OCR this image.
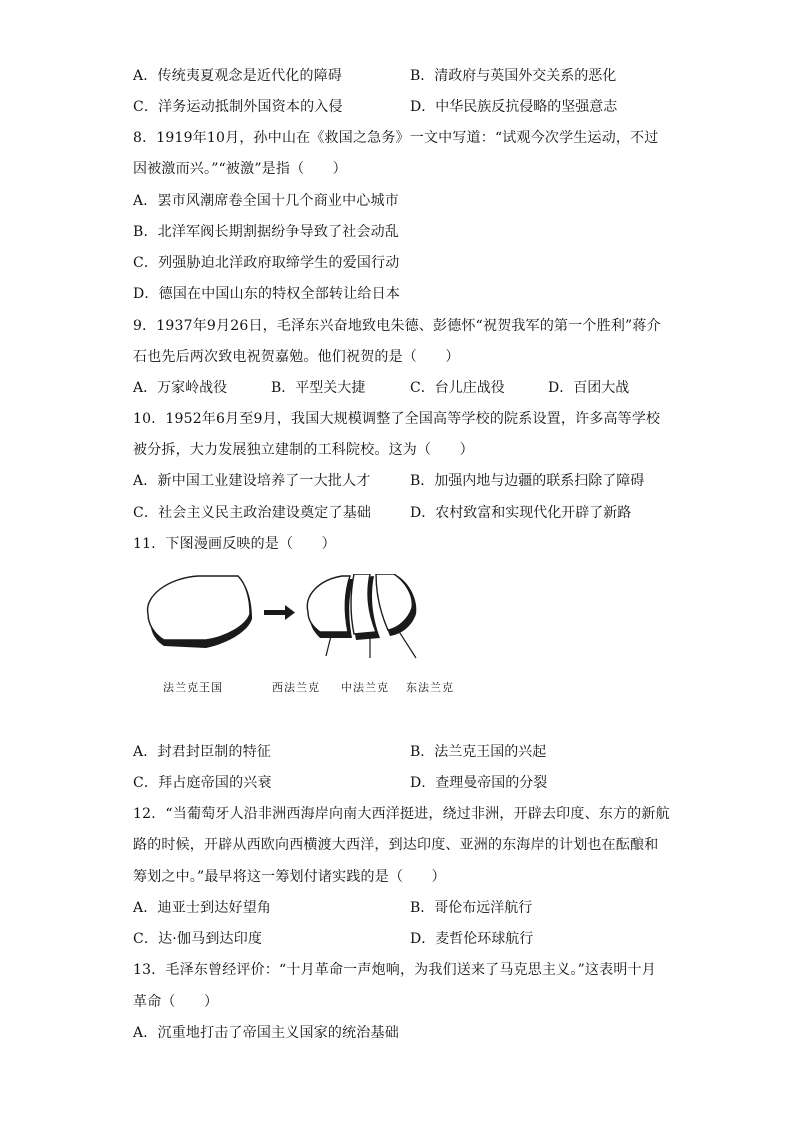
A．传统夷夏观念是近代化的障碍	B．清政府与英国外交关系的恶化
C．洋务运动抵制外国资本的入侵	D．中华民族反抗侵略的坚强意志
8．1919年10月，孙中山在《救国之急务》一文中写道：“试观今次学生运动，不过
因被激而兴。”“被激”是指（　　）
A．罢市风潮席卷全国十几个商业中心城市
B．北洋军阀长期割据纷争导致了社会动乱
C．列强胁迫北洋政府取缔学生的爱国行动
D．德国在中国山东的特权全部转让给日本
9．1937年9月26日，毛泽东兴奋地致电朱德、彭德怀“祝贺我军的第一个胜利”蒋介
石也先后两次致电祝贺嘉勉。他们祝贺的是（　　）
A．万家岭战役	B．平型关大捷	C．台儿庄战役	D．百团大战
10．1952年6月至9月，我国大规模调整了全国高等学校的院系设置，许多高等学校
被分拆，大力发展独立建制的工科院校。这为（　　）
A．新中国工业建设培养了一大批人才	B．加强内地与边疆的联系扫除了障碍
C．社会主义民主政治建设奠定了基础	D．农村致富和实现代化开辟了新路
11．下图漫画反映的是（　　）
法兰克王国	西法兰克 中法兰克 东法兰克
A．封君封臣制的特征	B．法兰克王国的兴起
C．拜占庭帝国的兴衰	D．查理曼帝国的分裂
12．“当葡萄牙人沿非洲西海岸向南大西洋挺进，绕过非洲，开辟去印度、东方的新航
路的时候，开辟从西欧向西横渡大西洋，到达印度、亚洲的东海岸的计划也在酝酿和
筹划之中。”最早将这一筹划付诸实践的是（　　）
A．迪亚士到达好望角	B．哥伦布远洋航行
C．达·伽马到达印度	D．麦哲伦环球航行
13．毛泽东曾经评价：“十月革命一声炮响，为我们送来了马克思主义。”这表明十月
革命（　　）
A．沉重地打击了帝国主义国家的统治基础
